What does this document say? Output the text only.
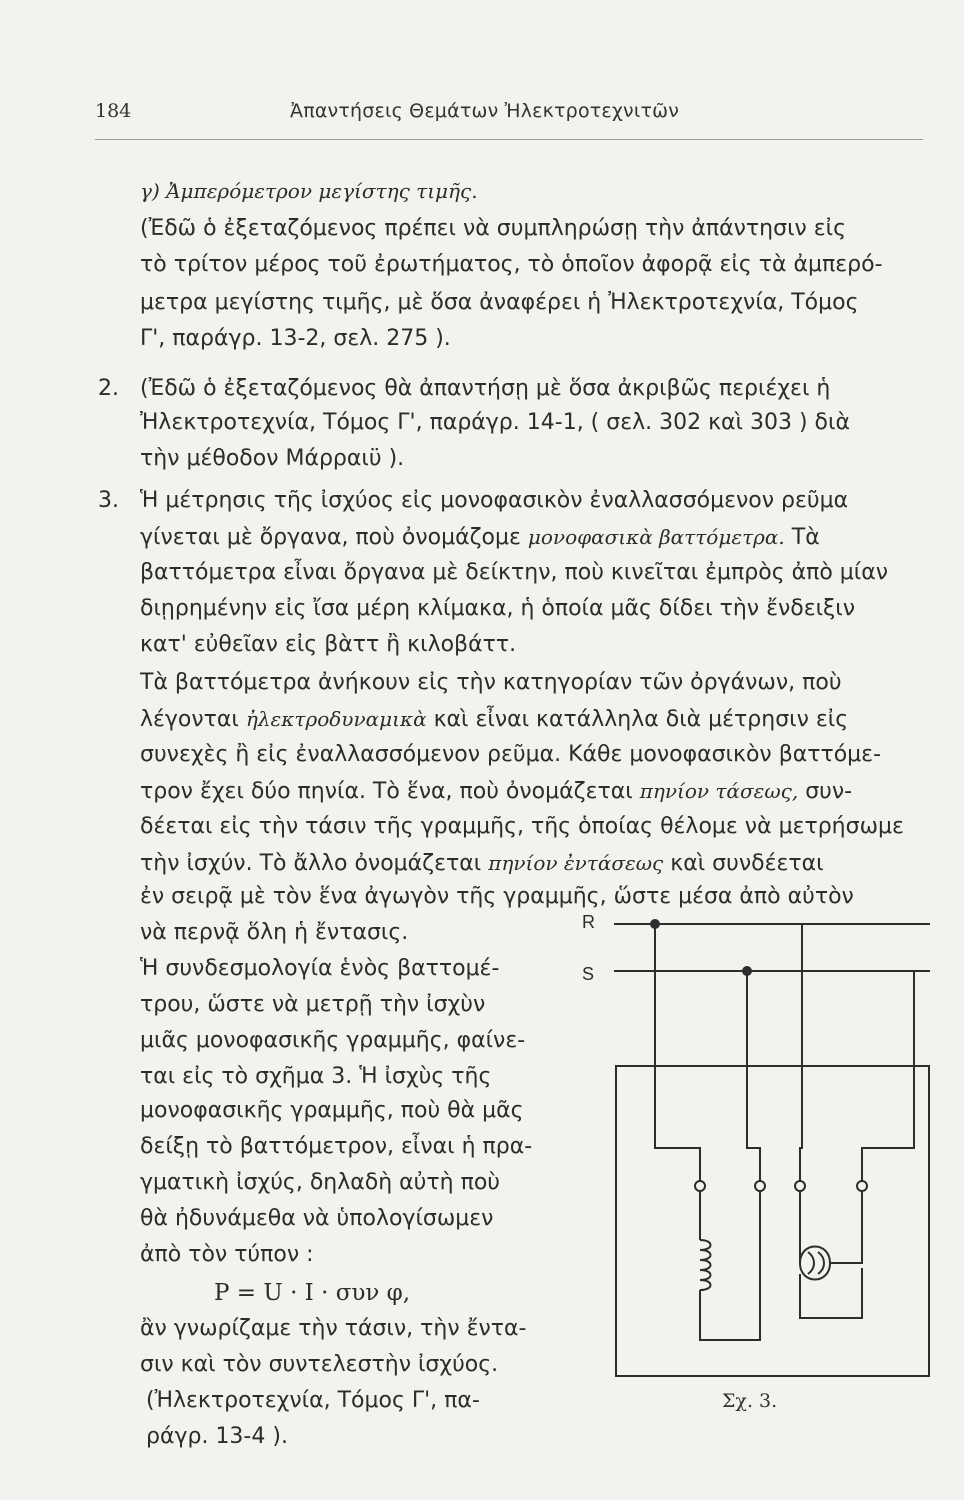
184	Ἀπαντήσεις Θεμάτων Ἠλεκτροτεχνιτῶν
γ) Ἀμπερόμετρον μεγίστης τιμῆς.
(Ἐδῶ ὁ ἐξεταζόμενος πρέπει νὰ συμπληρώσῃ τὴν ἀπάντησιν εἰς
τὸ τρίτον μέρος τοῦ ἐρωτήματος, τὸ ὁποῖον ἀφορᾷ εἰς τὰ ἀμπερό-
μετρα μεγίστης τιμῆς, μὲ ὅσα ἀναφέρει ἡ Ἠλεκτροτεχνία, Τόμος
Γ', παράγρ. 13-2, σελ. 275 ).
2. (Ἐδῶ ὁ ἐξεταζόμενος θὰ ἀπαντήσῃ μὲ ὅσα ἀκριβῶς περιέχει ἡ
Ἠλεκτροτεχνία, Τόμος Γ', παράγρ. 14-1, ( σελ. 302 καὶ 303 ) διὰ
τὴν μέθοδον Μάρραιϋ ).
3. Ἡ μέτρησις τῆς ἰσχύος εἰς μονοφασικὸν ἐναλλασσόμενον ρεῦμα
γίνεται μὲ ὄργανα, ποὺ ὀνομάζομε μονοφασικὰ βαττόμετρα. Τὰ
βαττόμετρα εἶναι ὄργανα μὲ δείκτην, ποὺ κινεῖται ἐμπρὸς ἀπὸ μίαν
διῃρημένην εἰς ἴσα μέρη κλίμακα, ἡ ὁποία μᾶς δίδει τὴν ἔνδειξιν
κατ' εὐθεῖαν εἰς βὰττ ἢ κιλοβάττ.
Τὰ βαττόμετρα ἀνήκουν εἰς τὴν κατηγορίαν τῶν ὀργάνων, ποὺ
λέγονται ἠλεκτροδυναμικὰ καὶ εἶναι κατάλληλα διὰ μέτρησιν εἰς
συνεχὲς ἢ εἰς ἐναλλασσόμενον ρεῦμα. Κάθε μονοφασικὸν βαττόμε-
τρον ἔχει δύο πηνία. Τὸ ἕνα, ποὺ ὀνομάζεται πηνίον τάσεως, συν-
δέεται εἰς τὴν τάσιν τῆς γραμμῆς, τῆς ὁποίας θέλομε νὰ μετρήσωμε
τὴν ἰσχύν. Τὸ ἄλλο ὀνομάζεται πηνίον ἐντάσεως καὶ συνδέεται
ἐν σειρᾷ μὲ τὸν ἕνα ἀγωγὸν τῆς γραμμῆς, ὥστε μέσα ἀπὸ αὐτὸν
νὰ περνᾷ ὅλη ἡ ἔντασις.
Ἡ συνδεσμολογία ἑνὸς βαττομέ-
τρου, ὥστε νὰ μετρῇ τὴν ἰσχὺν
μιᾶς μονοφασικῆς γραμμῆς, φαίνε-
ται εἰς τὸ σχῆμα 3. Ἡ ἰσχὺς τῆς
μονοφασικῆς γραμμῆς, ποὺ θὰ μᾶς
δείξῃ τὸ βαττόμετρον, εἶναι ἡ πρα-
γματικὴ ἰσχύς, δηλαδὴ αὐτὴ ποὺ
θὰ ἠδυνάμεθα νὰ ὑπολογίσωμεν
ἀπὸ τὸν τύπον :
P = U · I · συν φ,
ἂν γνωρίζαμε τὴν τάσιν, τὴν ἔντα-
σιν καὶ τὸν συντελεστὴν ἰσχύος.
(Ἠλεκτροτεχνία, Τόμος Γ', πα-
ράγρ. 13-4 ).
R
S
Σχ. 3.
